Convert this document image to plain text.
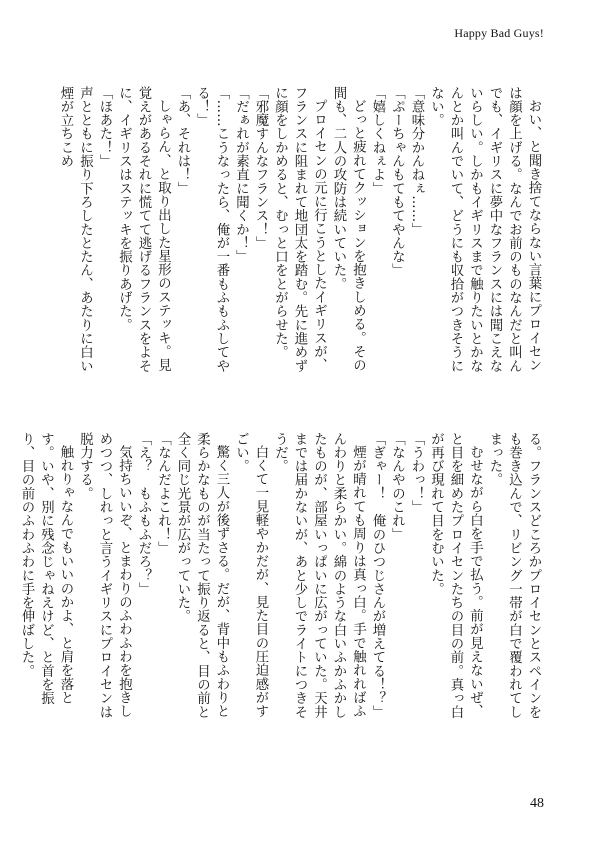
Happy Bad Guys!

おい、と聞き捨てならない言葉にプロイセンは顔を上げる。なんでお前のものなんだと叫んでも、イギリスに夢中なフランスには聞こえないらしい。しかもイギリスまで触りたいとかなんとか叫んでいて、どうにも収拾がつきそうにない。

「意味分かんねぇ……」

「ぷーちゃんもてもてやんな」

「嬉しくねぇよ」

どっと疲れてクッションを抱きしめる。その間も、二人の攻防は続いていた。

プロイセンの元に行こうとしたイギリスが、フランスに阻まれて地団太を踏む。先に進めずに顔をしかめると、むっと口をとがらせた。

「邪魔すんなフランス！」

「だぁれが素直に聞くか！」

「……こうなったら、俺が一番もふもふしてやる！」

「あ、それは！」

しゃらん、と取り出した星形のステッキ。見覚えがあるそれに慌てて逃げるフランスをよそに、イギリスはステッキを振りあげた。

「ほあた！」

声とともに振り下ろしたとたん、あたりに白い煙が立ちこめ

る。フランスどころかプロイセンとスペインをも巻き込んで、リビング一帯が白で覆われてしまった。

むせながら白を手で払う。前が見えないぜ、と目を細めたプロイセンたちの目の前。真っ白が再び現れて目をむいた。

「うわっ！」

「なんやのこれ」

「ぎゃー！　俺のひつじさんが増えてる！？」

煙が晴れても周りは真っ白。手で触れればふんわりと柔らかい。綿のような白いふかふかしたものが、部屋いっぱいに広がっていた。天井までは届かないが、あと少しでライトにつきそうだ。

白くて一見軽やかだが、見た目の圧迫感がすごい。

驚く三人が後ずさる。だが、背中もふわりと柔らかなものが当たって振り返ると、目の前と全く同じ光景が広がっていた。

「なんだよこれ！」

「え？　もふもふだろ？」

気持ちいいぞ、とまわりのふわふわを抱きしめつつ、しれっと言うイギリスにプロイセンは脱力する。

触れりゃなんでもいいのかよ、と肩を落とす。いや、別に残念じゃねえけど、と首を振り、目の前のふわふわに手を伸ばした。

48
